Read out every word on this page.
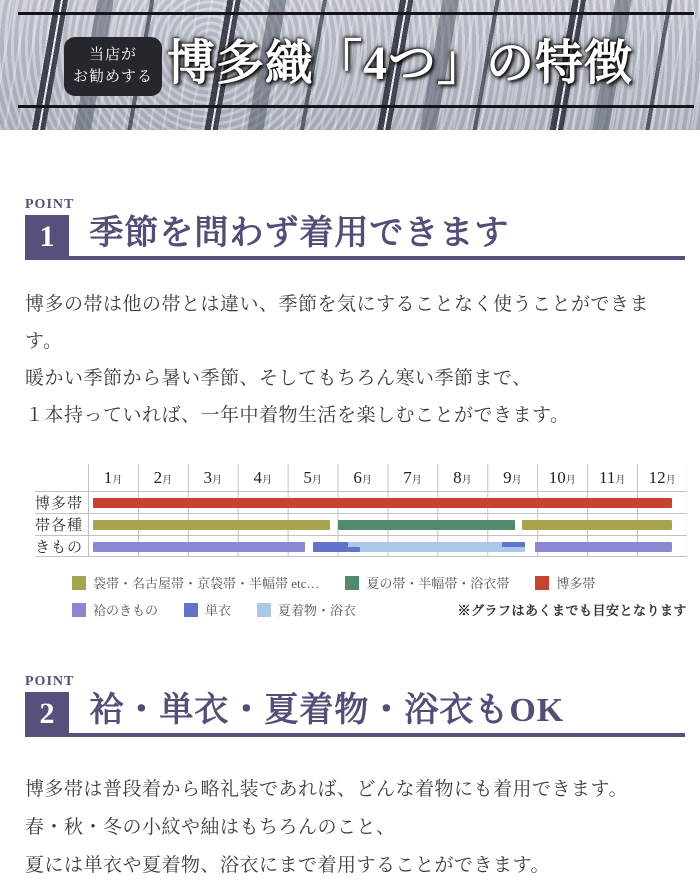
当店が
お勧めする 博多織「4つ」の特徴
POINT
1	季節を問わず着用できます

博多の帯は他の帯とは違い、季節を気にすることなく使うことができます。

暖かい季節から暑い季節、そしてもちろん寒い季節まで、

１本持っていれば、一年中着物生活を楽しむことができます。

1月	2月	3月	4月	5月	6月	7月	8月	9月	10月	11月	12月
博多帯
帯各種
きもの
袋帯・名古屋帯・京袋帯・半幅帯 etc…	夏の帯・半幅帯・浴衣帯	博多帯
袷のきもの	単衣	夏着物・浴衣	※グラフはあくまでも目安となります
POINT
2	袷・単衣・夏着物・浴衣もOK

博多帯は普段着から略礼装であれば、どんな着物にも着用できます。

春・秋・冬の小紋や紬はもちろんのこと、

夏には単衣や夏着物、浴衣にまで着用することができます。
